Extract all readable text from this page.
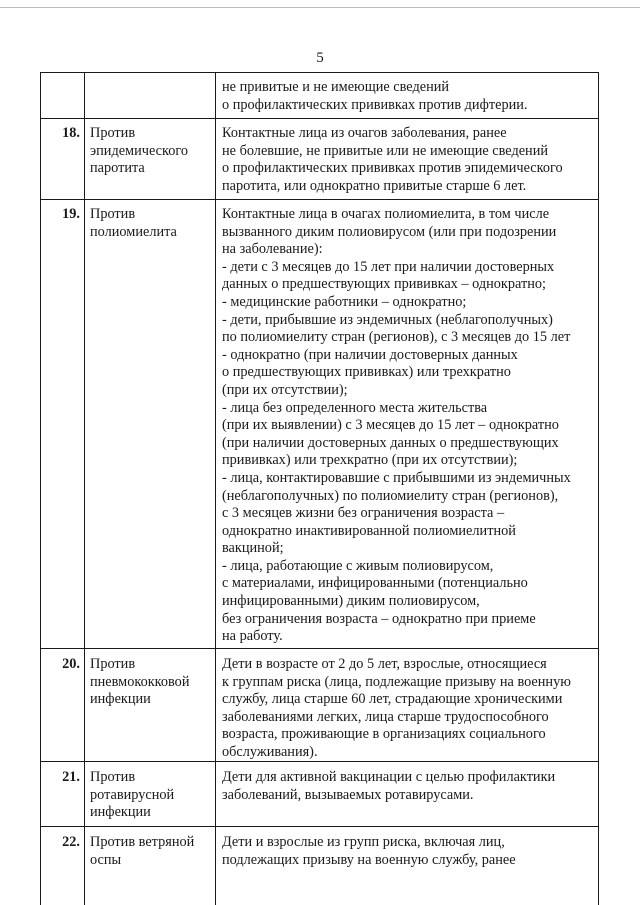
5
не привитые и не имеющие сведений
о профилактических прививках против дифтерии.
18. Против
эпидемического
паротита
Контактные лица из очагов заболевания, ранее
не болевшие, не привитые или не имеющие сведений
о профилактических прививках против эпидемического
паротита, или однократно привитые старше 6 лет.
19. Против
полиомиелита
Контактные лица в очагах полиомиелита, в том числе
вызванного диким полиовирусом (или при подозрении
на заболевание):
- дети с 3 месяцев до 15 лет при наличии достоверных
данных о предшествующих прививках – однократно;
- медицинские работники – однократно;
- дети, прибывшие из эндемичных (неблагополучных)
по полиомиелиту стран (регионов), с 3 месяцев до 15 лет
- однократно (при наличии достоверных данных
о предшествующих прививках) или трехкратно
(при их отсутствии);
- лица без определенного места жительства
(при их выявлении) с 3 месяцев до 15 лет – однократно
(при наличии достоверных данных о предшествующих
прививках) или трехкратно (при их отсутствии);
- лица, контактировавшие с прибывшими из эндемичных
(неблагополучных) по полиомиелиту стран (регионов),
с 3 месяцев жизни без ограничения возраста –
однократно инактивированной полиомиелитной
вакциной;
- лица, работающие с живым полиовирусом,
с материалами, инфицированными (потенциально
инфицированными) диким полиовирусом,
без ограничения возраста – однократно при приеме
на работу.
20. Против
пневмококковой
инфекции
Дети в возрасте от 2 до 5 лет, взрослые, относящиеся
к группам риска (лица, подлежащие призыву на военную
службу, лица старше 60 лет, страдающие хроническими
заболеваниями легких, лица старше трудоспособного
возраста, проживающие в организациях социального
обслуживания).
21. Против
ротавирусной
инфекции
Дети для активной вакцинации с целью профилактики
заболеваний, вызываемых ротавирусами.
22. Против ветряной
оспы
Дети и взрослые из групп риска, включая лиц,
подлежащих призыву на военную службу, ранее
